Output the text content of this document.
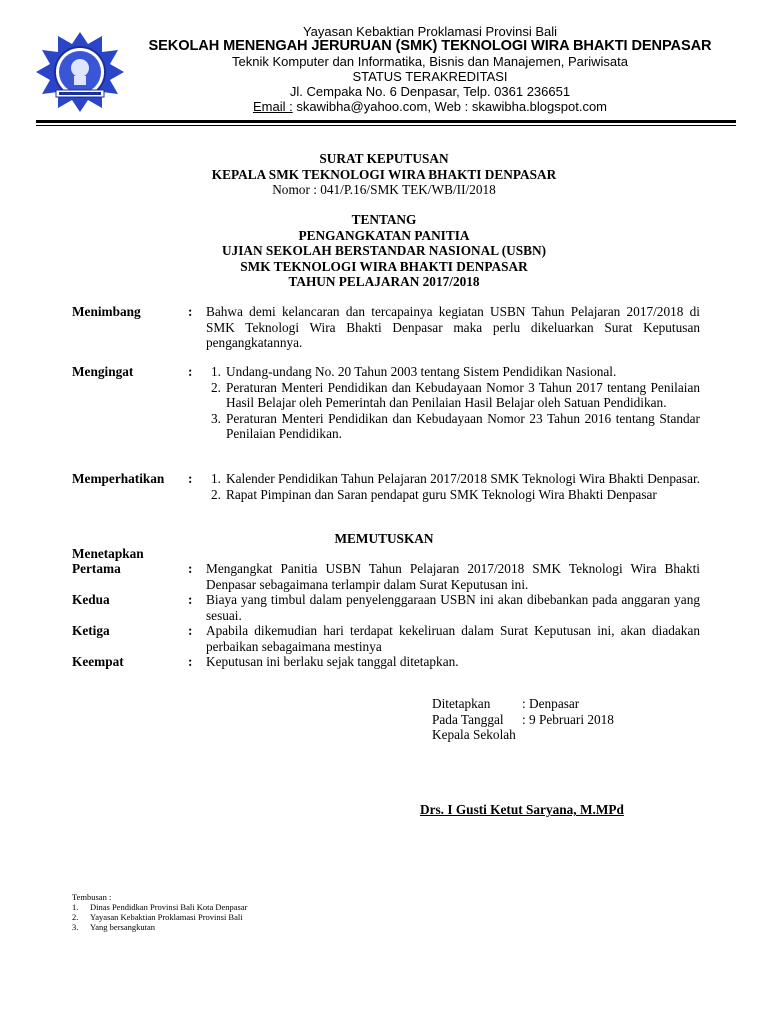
Yayasan Kebaktian Proklamasi Provinsi Bali
SEKOLAH MENENGAH JERURUAN (SMK) TEKNOLOGI WIRA BHAKTI DENPASAR
Teknik Komputer dan Informatika, Bisnis dan Manajemen, Pariwisata
STATUS TERAKREDITASI
Jl. Cempaka No. 6 Denpasar, Telp. 0361 236651
Email : skawibha@yahoo.com, Web : skawibha.blogspot.com
SURAT KEPUTUSAN
KEPALA SMK TEKNOLOGI WIRA BHAKTI DENPASAR
Nomor : 041/P.16/SMK TEK/WB/II/2018
TENTANG
PENGANGKATAN PANITIA
UJIAN SEKOLAH BERSTANDAR NASIONAL (USBN)
SMK TEKNOLOGI WIRA BHAKTI DENPASAR
TAHUN PELAJARAN 2017/2018
Menimbang	: Bahwa demi kelancaran dan tercapainya kegiatan USBN Tahun Pelajaran 2017/2018 di SMK Teknologi Wira Bhakti Denpasar maka perlu dikeluarkan Surat Keputusan pengangkatannya.
Mengingat	:	1. Undang-undang No. 20 Tahun 2003 tentang Sistem Pendidikan Nasional.
2. Peraturan Menteri Pendidikan dan Kebudayaan Nomor 3 Tahun 2017 tentang Penilaian Hasil Belajar oleh Pemerintah dan Penilaian Hasil Belajar oleh Satuan Pendidikan.
3. Peraturan Menteri Pendidikan dan Kebudayaan Nomor 23 Tahun 2016 tentang Standar Penilaian Pendidikan.
Memperhatikan :	1. Kalender Pendidikan Tahun Pelajaran 2017/2018 SMK Teknologi Wira Bhakti Denpasar.
2. Rapat Pimpinan dan Saran pendapat guru SMK Teknologi Wira Bhakti Denpasar
MEMUTUSKAN
Menetapkan
Pertama	: Mengangkat Panitia USBN Tahun Pelajaran 2017/2018 SMK Teknologi Wira Bhakti Denpasar sebagaimana terlampir dalam Surat Keputusan ini.
Kedua	: Biaya yang timbul dalam penyelenggaraan USBN ini akan dibebankan pada anggaran yang sesuai.
Ketiga	: Apabila dikemudian hari terdapat kekeliruan dalam Surat Keputusan ini, akan diadakan perbaikan sebagaimana mestinya
Keempat	: Keputusan ini berlaku sejak tanggal ditetapkan.
Ditetapkan	: Denpasar
Pada Tanggal	: 9 Pebruari 2018
Kepala Sekolah
Drs. I Gusti Ketut Saryana, M.MPd
Tembusan :
1.	Dinas Pendidkan Provinsi Bali Kota Denpasar
2.	Yayasan Kebaktian Proklamasi Provinsi Bali
3.	Yang bersangkutan
